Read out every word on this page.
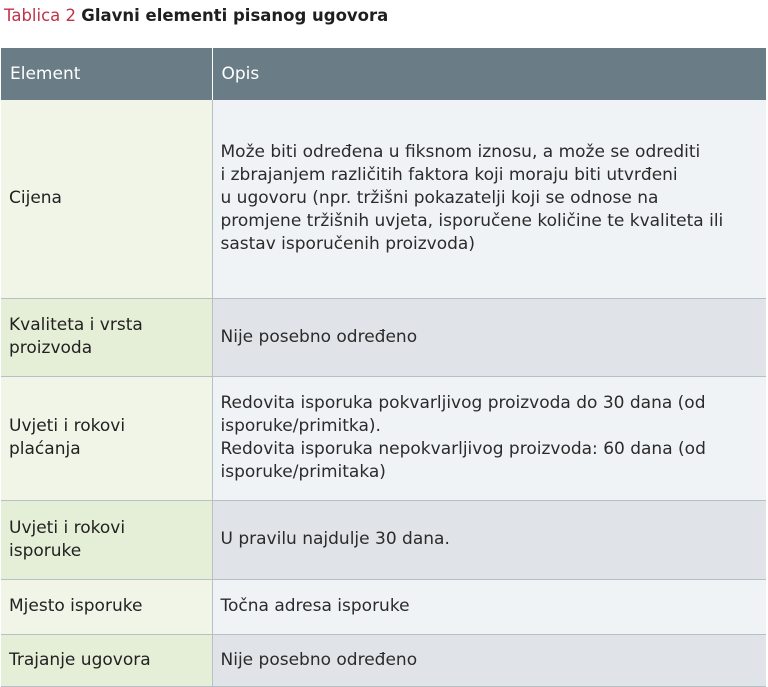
Tablica 2 Glavni elementi pisanog ugovora
Element	Opis

Cijena	Može biti određena u fiksnom iznosu, a može se odrediti
i zbrajanjem različitih faktora koji moraju biti utvrđeni
u ugovoru (npr. tržišni pokazatelji koji se odnose na
promjene tržišnih uvjeta, isporučene količine te kvaliteta ili
sastav isporučenih proizvoda)

Kvaliteta i vrsta
proizvoda	Nije posebno određeno

Uvjeti i rokovi
plaćanja	Redovita isporuka pokvarljivog proizvoda do 30 dana (od
isporuke/primitka).
Redovita isporuka nepokvarljivog proizvoda: 60 dana (od
isporuke/primitaka)

Uvjeti i rokovi
isporuke	U pravilu najdulje 30 dana.

Mjesto isporuke	Točna adresa isporuke

Trajanje ugovora	Nije posebno određeno
